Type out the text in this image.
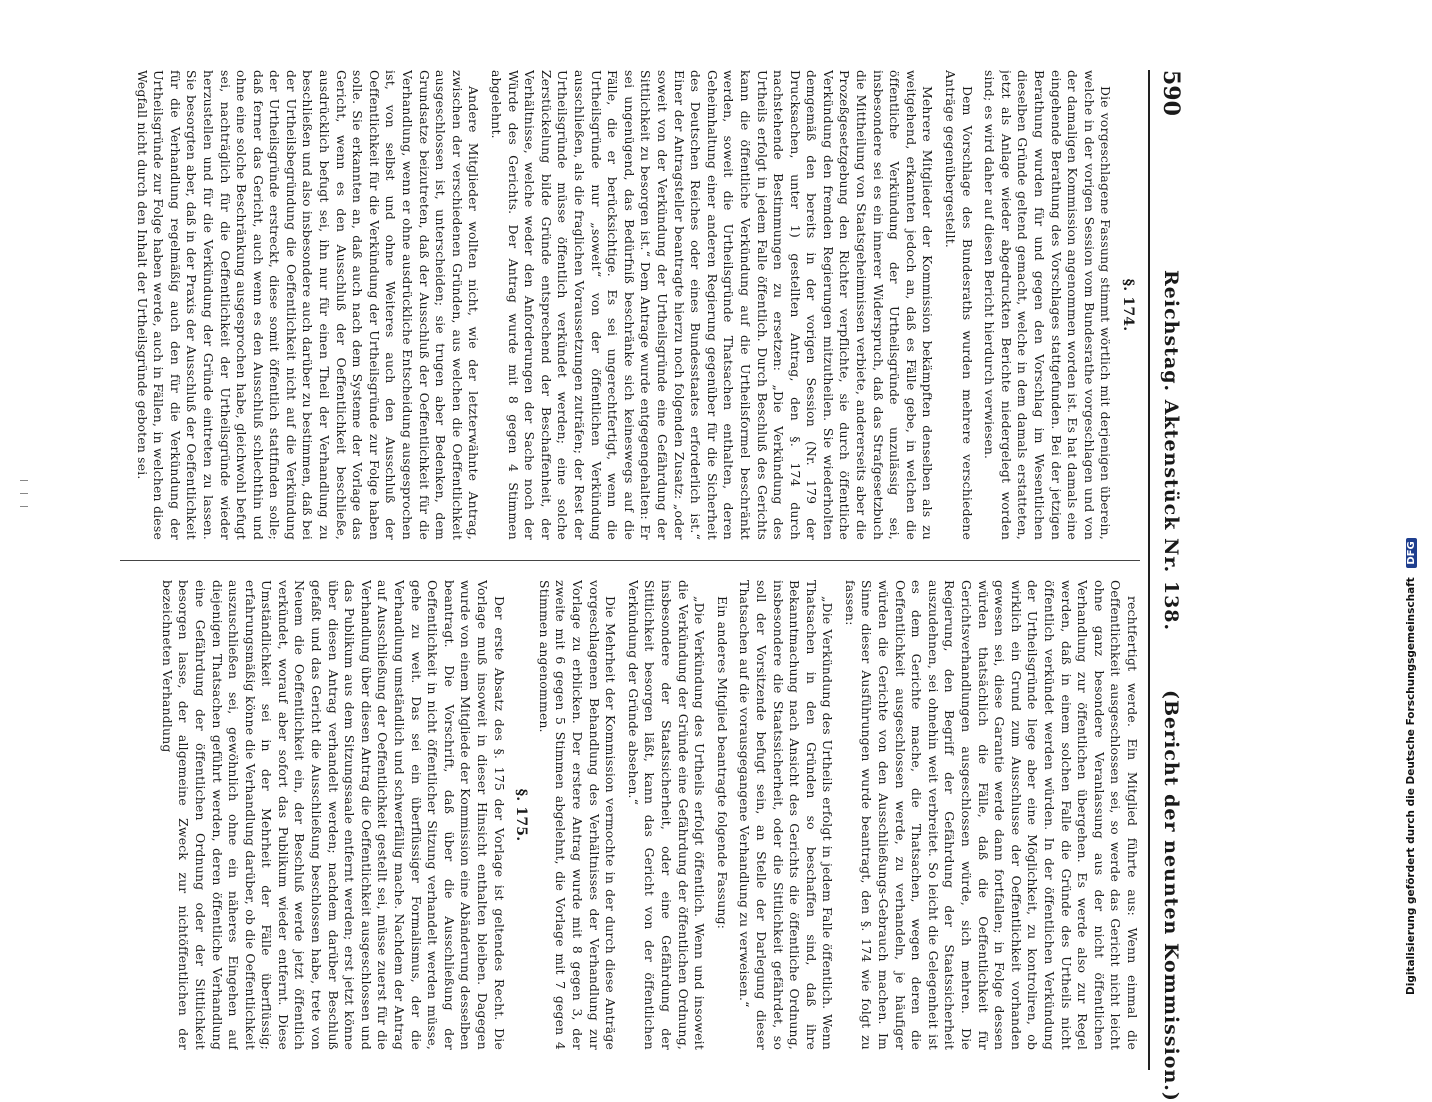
590
Reichstag. Aktenstück Nr. 138.
(Bericht der neunten Kommission.)

§. 174.

Die vorgeschlagene Fassung stimmt wörtlich mit derjenigen überein, welche in der vorigen Session vom Bundesrathe vorgeschlagen und von der damaligen Kommission angenommen worden ist. Es hat damals eine eingehende Berathung des Vorschlages stattgefunden. Bei der jetzigen Berathung wurden für und gegen den Vorschlag im Wesentlichen dieselben Gründe geltend gemacht, welche in dem damals erstatteten, jetzt als Anlage wieder abgedruckten Berichte niedergelegt worden sind; es wird daher auf diesen Bericht hierdurch verwiesen.

Dem Vorschlage des Bundesraths wurden mehrere verschiedene Anträge gegenübergestellt.

Mehrere Mitglieder der Kommission bekämpften denselben als zu weitgehend, erkannten jedoch an, daß es Fälle gebe, in welchen die öffentliche Verkündung der Urtheilsgründe unzulässig sei, insbesondere sei es ein innerer Widerspruch, daß das Strafgesetzbuch die Mittheilung von Staatsgeheimnissen verbiete, andererseits aber die Prozeßgesetzgebung den Richter verpflichte, sie durch öffentliche Verkündung den fremden Regierungen mitzutheilen. Sie wiederholten demgemäß den bereits in der vorigen Session (Nr. 179 der Drucksachen, unter 1) gestellten Antrag, den §. 174 durch nachstehende Bestimmungen zu ersetzen: „Die Verkündung des Urtheils erfolgt in jedem Falle öffentlich. Durch Beschluß des Gerichts kann die öffentliche Verkündung auf die Urtheilsformel beschränkt werden, soweit die Urtheilsgründe Thatsachen enthalten, deren Geheimhaltung einer anderen Regierung gegenüber für die Sicherheit des Deutschen Reiches oder eines Bundesstaates erforderlich ist.“ Einer der Antragsteller beantragte hierzu noch folgenden Zusatz: „oder soweit von der Verkündung der Urtheilsgründe eine Gefährdung der Sittlichkeit zu besorgen ist.“ Dem Antrage wurde entgegengehalten: Er sei ungenügend, das Bedürfniß beschränke sich keineswegs auf die Fälle, die er berücksichtige. Es sei ungerechtfertigt, wenn die Urtheilsgründe nur „soweit“ von der öffentlichen Verkündung ausschließen, als die fraglichen Voraussetzungen zuträfen; der Rest der Urtheilsgründe müsse öffentlich verkündet werden; eine solche Zerstückelung bilde Gründe entsprechend der Beschaffenheit, der Verhältnisse, welche weder den Anforderungen der Sache noch der Würde des Gerichts. Der Antrag wurde mit 8 gegen 4 Stimmen abgelehnt.

Andere Mitglieder wollten nicht, wie der letzterwähnte Antrag, zwischen der verschiedenen Gründen, aus welchen die Oeffentlichkeit ausgeschlossen ist, unterscheiden; sie trugen aber Bedenken, dem Grundsatze beizutreten, daß der Ausschluß der Oeffentlichkeit für die Verhandlung, wenn er ohne ausdrückliche Entscheidung ausgesprochen ist, von selbst und ohne Weiteres auch den Ausschluß der Oeffentlichkeit für die Verkündung der Urtheilsgründe zur Folge haben solle. Sie erkannten an, daß auch nach dem Systeme der Vorlage das Gericht, wenn es den Ausschluß der Oeffentlichkeit beschließe, ausdrücklich befugt sei, ihn nur für einen Theil der Verhandlung zu beschließen und also insbesondere auch darüber zu bestimmen, daß bei der Urtheilsbegründung die Oeffentlichkeit nicht auf die Verkündung der Urtheilsgründe erstreckt, diese somit öffentlich stattfinden solle; daß ferner das Gericht, auch wenn es den Ausschluß schlechthin und ohne eine solche Beschränkung ausgesprochen habe, gleichwohl befugt sei, nachträglich für die Oeffentlichkeit der Urtheilsgründe wieder herzustellen und für die Verkündung der Gründe eintreten zu lassen. Sie besorgten aber, daß in der Praxis der Ausschluß der Oeffentlichkeit für die Verhandlung regelmäßig auch den für die Verkündung der Urtheilsgründe zur Folge haben werde, auch in Fällen, in welchen diese Wegfall nicht durch den Inhalt der Urtheilsgründe geboten sei.

rechtfertigt werde. Ein Mitglied führte aus: Wenn einmal die Oeffentlichkeit ausgeschlossen sei, so werde das Gericht nicht leicht ohne ganz besondere Veranlassung aus der nicht öffentlichen Verhandlung zur öffentlichen übergehen. Es werde also zur Regel werden, daß in einem solchen Falle die Gründe des Urtheils nicht öffentlich verkündet werden würden. In der öffentlichen Verkündung der Urtheilsgründe liege aber eine Möglichkeit, zu kontroliren, ob wirklich ein Grund zum Ausschlusse der Oeffentlichkeit vorhanden gewesen sei, diese Garantie werde dann fortfallen; in Folge dessen würden thatsächlich die Fälle, daß die Oeffentlichkeit für Gerichtsverhandlungen ausgeschlossen würde, sich mehren. Die Regierung, den Begriff der Gefährdung der Staatssicherheit auszudehnen, sei ohnehin weit verbreitet. So leicht die Gelegenheit ist es dem Gerichte mache, die Thatsachen, wegen deren die Oeffentlichkeit ausgeschlossen werde, zu verhandeln, je häufiger würden die Gerichte von den Ausschließungs-Gebrauch machen. Im Sinne dieser Ausführungen wurde beantragt, den §. 174 wie folgt zu fassen:

„Die Verkündung des Urtheils erfolgt in jedem Falle öffentlich. Wenn Thatsachen in den Gründen so beschaffen sind, daß ihre Bekanntmachung nach Ansicht des Gerichts die öffentliche Ordnung, insbesondere die Staatssicherheit, oder die Sittlichkeit gefährdet, so soll der Vorsitzende befugt sein, an Stelle der Darlegung dieser Thatsachen auf die vorausgegangene Verhandlung zu verweisen.“

Ein anderes Mitglied beantragte folgende Fassung:

„Die Verkündung des Urtheils erfolgt öffentlich. Wenn und insoweit die Verkündung der Gründe eine Gefährdung der öffentlichen Ordnung, insbesondere der Staatssicherheit, oder eine Gefährdung der Sittlichkeit besorgen läßt, kann das Gericht von der öffentlichen Verkündung der Gründe absehen.“

Die Mehrheit der Kommission vermochte in der durch diese Anträge vorgeschlagenen Behandlung des Verhältnisses der Verhandlung zur Vorlage zu erblicken. Der erstere Antrag wurde mit 8 gegen 3, der zweite mit 6 gegen 5 Stimmen abgelehnt, die Vorlage mit 7 gegen 4 Stimmen angenommen.

§. 175.

Der erste Absatz des §. 175 der Vorlage ist geltendes Recht. Die Vorlage muß insoweit in dieser Hinsicht enthalten bleiben. Dagegen wurde von einem Mitgliede der Kommission eine Abänderung desselben beantragt. Die Vorschrift, daß über die Ausschließung der Oeffentlichkeit in nicht öffentlicher Sitzung verhandelt werden müsse, gehe zu weit. Das sei ein überflüssiger Formalismus, der die Verhandlung umständlich und schwerfällig mache. Nachdem der Antrag auf Ausschließung der Oeffentlichkeit gestellt sei, müsse zuerst für die Verhandlung über diesen Antrag die Oeffentlichkeit ausgeschlossen und das Publikum aus dem Sitzungssaale entfernt werden; erst jetzt könne über diesen Antrag verhandelt werden; nachdem darüber Beschluß gefaßt und das Gericht die Ausschließung beschlossen habe, trete von Neuem die Oeffentlichkeit ein, der Beschluß werde jetzt öffentlich verkündet, worauf aber sofort das Publikum wieder entfernt. Diese Umständlichkeit sei in der Mehrheit der Fälle überflüssig; erfahrungsmäßig könne die Verhandlung darüber, ob die Oeffentlichkeit auszuschließen sei, gewöhnlich ohne ein näheres Eingehen auf diejenigen Thatsachen geführt werden, deren öffentliche Verhandlung eine Gefährdung der öffentlichen Ordnung oder der Sittlichkeit besorgen lasse, der allgemeine Zweck zur nichtöffentlichen der bezeichneten Verhandlung	Digitalisierung gefördert durch die Deutsche Forschungsgemeinschaft DFG
